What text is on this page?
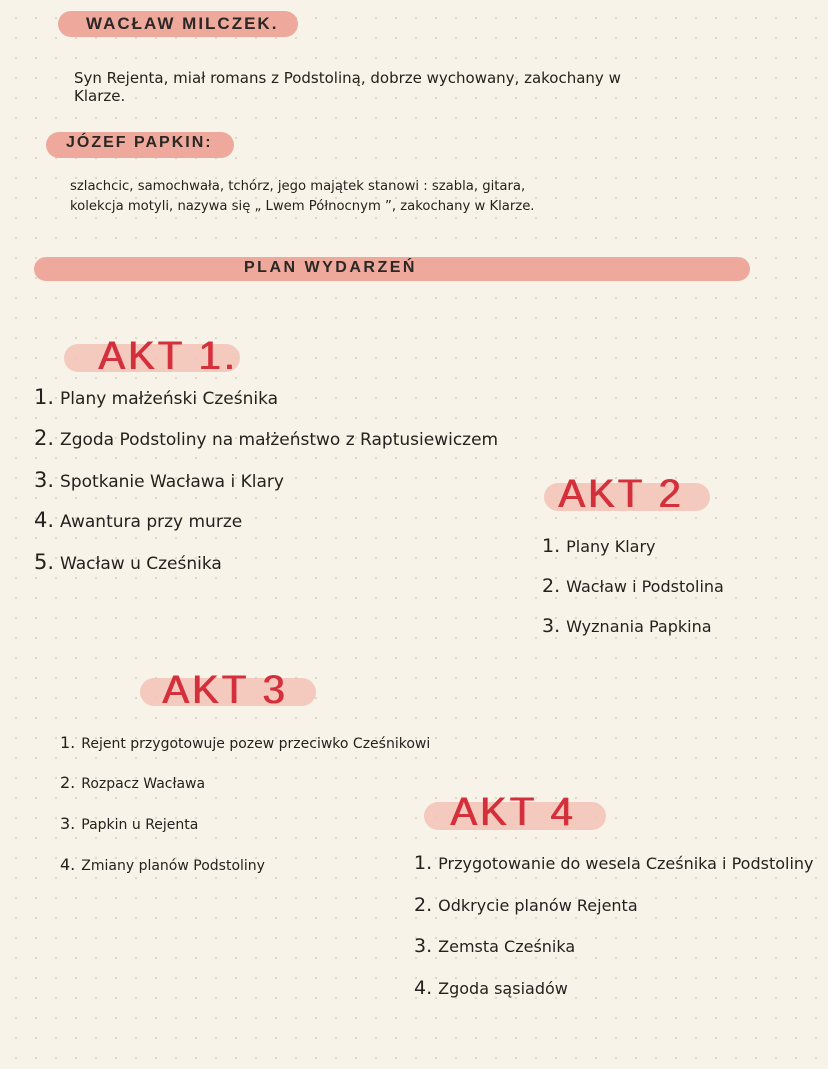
WACŁAW MILCZEK.
Syn Rejenta, miał romans z Podstoliną, dobrze wychowany, zakochany w
Klarze.
JÓZEF PAPKIN:
szlachcic, samochwała, tchórz, jego majątek stanowi : szabla, gitara,
kolekcja motyli, nazywa się „ Lwem Północnym ”, zakochany w Klarze.
PLAN WYDARZEŃ
AKT 1.
1. Plany małżeński Cześnika
2. Zgoda Podstoliny na małżeństwo z Raptusiewiczem
3. Spotkanie Wacława i Klary
4. Awantura przy murze
5. Wacław u Cześnika
AKT 2
1. Plany Klary
2. Wacław i Podstolina
3. Wyznania Papkina
AKT 3
1. Rejent przygotowuje pozew przeciwko Cześnikowi
2. Rozpacz Wacława
3. Papkin u Rejenta
4. Zmiany planów Podstoliny
AKT 4
1. Przygotowanie do wesela Cześnika i Podstoliny
2. Odkrycie planów Rejenta
3. Zemsta Cześnika
4. Zgoda sąsiadów
